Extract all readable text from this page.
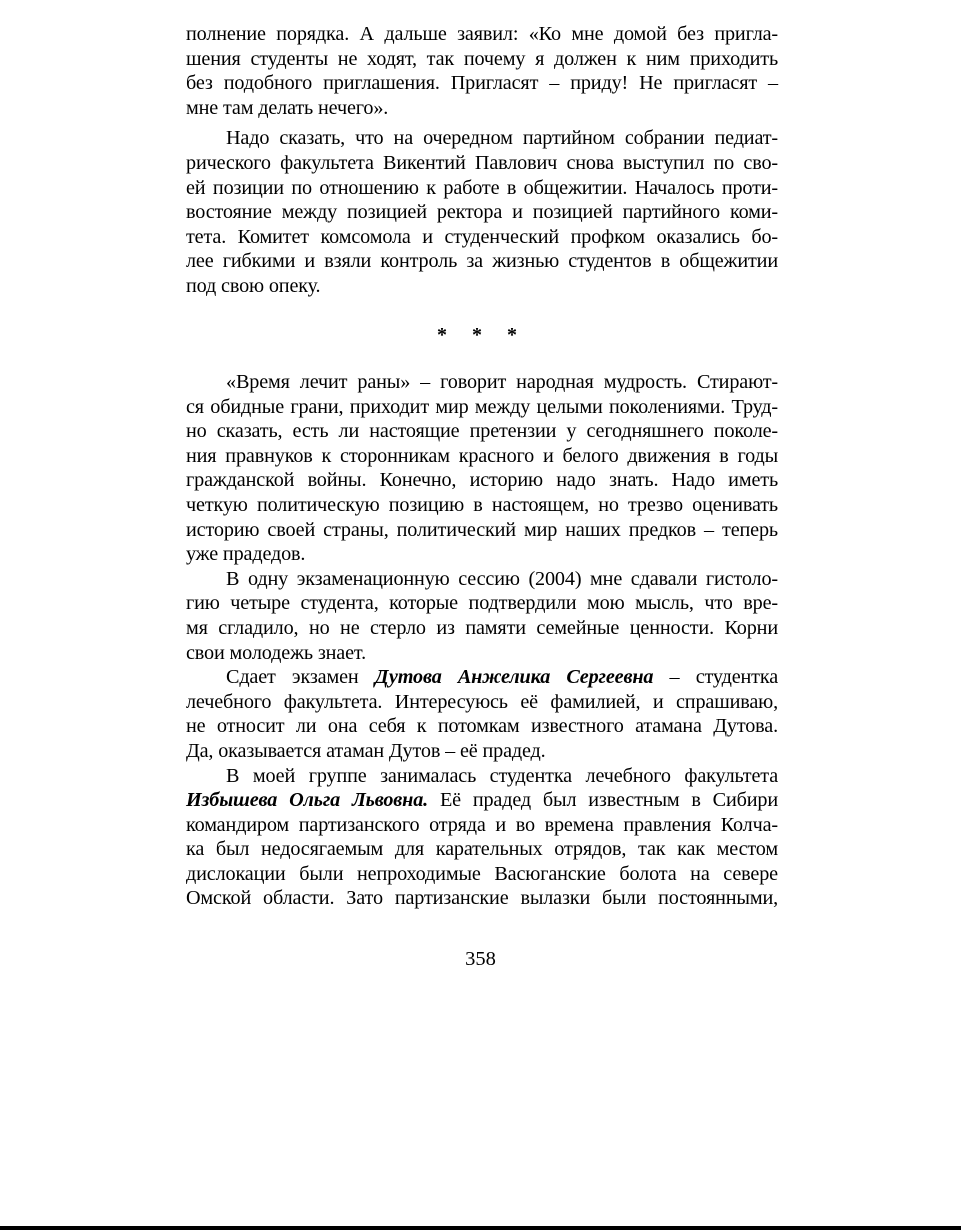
полнение порядка. А дальше заявил: «Ко мне домой без пригла-
шения студенты не ходят, так почему я должен к ним приходить
без подобного приглашения. Пригласят – приду! Не пригласят –
мне там делать нечего».
Надо сказать, что на очередном партийном собрании педиат-
рического факультета Викентий Павлович снова выступил по сво-
ей позиции по отношению к работе в общежитии. Началось проти-
востояние между позицией ректора и позицией партийного коми-
тета. Комитет комсомола и студенческий профком оказались бо-
лее гибкими и взяли контроль за жизнью студентов в общежитии
под свою опеку.
* * *
«Время лечит раны» – говорит народная мудрость. Стирают-
ся обидные грани, приходит мир между целыми поколениями. Труд-
но сказать, есть ли настоящие претензии у сегодняшнего поколе-
ния правнуков к сторонникам красного и белого движения в годы
гражданской войны. Конечно, историю надо знать. Надо иметь
четкую политическую позицию в настоящем, но трезво оценивать
историю своей страны, политический мир наших предков – теперь
уже прадедов.
В одну экзаменационную сессию (2004) мне сдавали гистоло-
гию четыре студента, которые подтвердили мою мысль, что вре-
мя сгладило, но не стерло из памяти семейные ценности. Корни
свои молодежь знает.
Сдает экзамен Дутова Анжелика Сергеевна – студентка
лечебного факультета. Интересуюсь её фамилией, и спрашиваю,
не относит ли она себя к потомкам известного атамана Дутова.
Да, оказывается атаман Дутов – её прадед.
В моей группе занималась студентка лечебного факультета
Избышева Ольга Львовна. Её прадед был известным в Сибири
командиром партизанского отряда и во времена правления Колча-
ка был недосягаемым для карательных отрядов, так как местом
дислокации были непроходимые Васюганские болота на севере
Омской области. Зато партизанские вылазки были постоянными,
358
